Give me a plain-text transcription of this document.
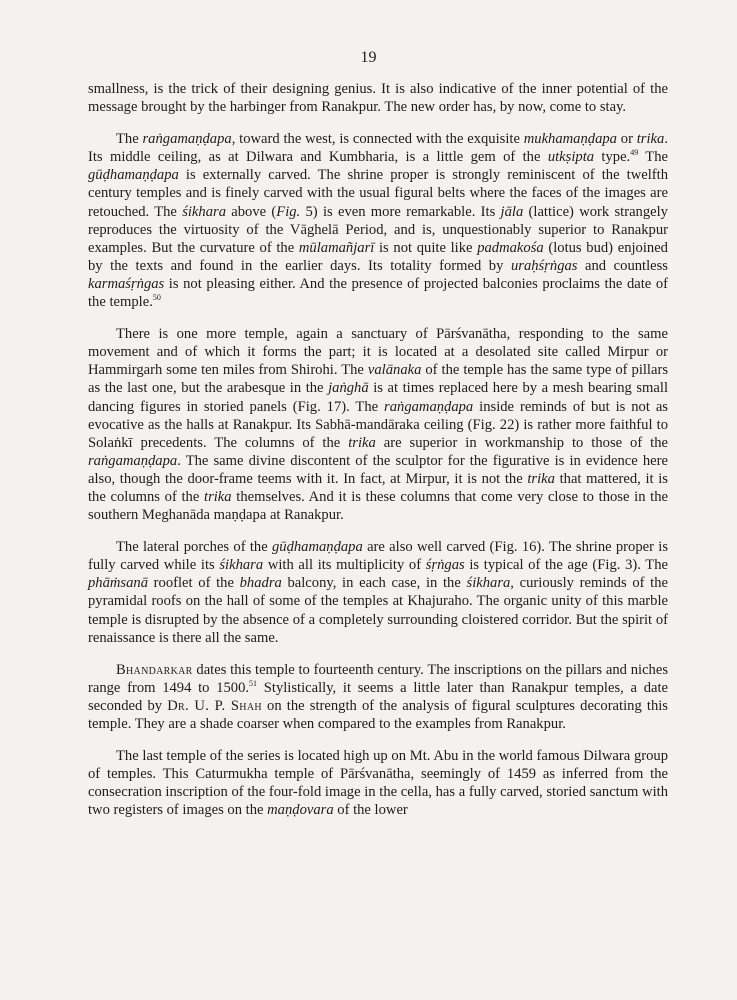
19

smallness, is the trick of their designing genius. It is also indicative of the inner potential of the message brought by the harbinger from Ranakpur. The new order has, by now, come to stay.

The raṅgamaṇḍapa, toward the west, is connected with the exquisite mukhamaṇḍapa or trika. Its middle ceiling, as at Dilwara and Kumbharia, is a little gem of the utkṣipta type.$^{49}$ The gūḍhamaṇḍapa is externally carved. The shrine proper is strongly reminiscent of the twelfth century temples and is finely carved with the usual figural belts where the faces of the images are retouched. The śikhara above (Fig. 5) is even more remarkable. Its jāla (lattice) work strangely reproduces the virtuosity of the Vāghelā Period, and is, unquestionably superior to Ranakpur examples. But the curvature of the mūlamañjarī is not quite like padmakośa (lotus bud) enjoined by the texts and found in the earlier days. Its totality formed by uraḥśṛṅgas and countless karmaśṛṅgas is not pleasing either. And the presence of projected balconies proclaims the date of the temple.$^{50}$

There is one more temple, again a sanctuary of Pārśvanātha, responding to the same movement and of which it forms the part; it is located at a desolated site called Mirpur or Hammirgarh some ten miles from Shirohi. The valānaka of the temple has the same type of pillars as the last one, but the arabesque in the jaṅghā is at times replaced here by a mesh bearing small dancing figures in storied panels (Fig. 17). The raṅgamaṇḍapa inside reminds of but is not as evocative as the halls at Ranakpur. Its Sabhā-mandāraka ceiling (Fig. 22) is rather more faithful to Solaṅkī precedents. The columns of the trika are superior in workmanship to those of the raṅgamaṇḍapa. The same divine discontent of the sculptor for the figurative is in evidence here also, though the door-frame teems with it. In fact, at Mirpur, it is not the trika that mattered, it is the columns of the trika themselves. And it is these columns that come very close to those in the southern Meghanāda maṇḍapa at Ranakpur.

The lateral porches of the gūḍhamaṇḍapa are also well carved (Fig. 16). The shrine proper is fully carved while its śikhara with all its multiplicity of śṛṅgas is typical of the age (Fig. 3). The phāṁsanā rooflet of the bhadra balcony, in each case, in the śikhara, curiously reminds of the pyramidal roofs on the hall of some of the temples at Khajuraho. The organic unity of this marble temple is disrupted by the absence of a completely surrounding cloistered corridor. But the spirit of renaissance is there all the same.

Bhandarkar dates this temple to fourteenth century. The inscriptions on the pillars and niches range from 1494 to 1500.51 Stylistically, it seems a little later than Ranakpur temples, a date seconded by Dr. U. P. Shah on the strength of the analysis of figural sculptures decorating this temple. They are a shade coarser when compared to the examples from Ranakpur.

The last temple of the series is located high up on Mt. Abu in the world famous Dilwara group of temples. This Caturmukha temple of Pārśvanātha, seemingly of 1459 as inferred from the consecration inscription of the four-fold image in the cella, has a fully carved, storied sanctum with two registers of images on the maṇḍovara of the lower
